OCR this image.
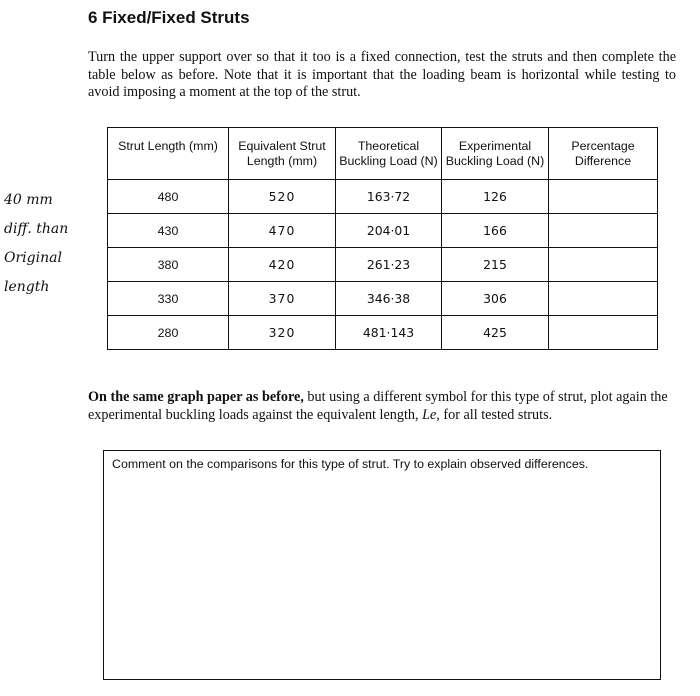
6 Fixed/Fixed Struts
Turn the upper support over so that it too is a fixed connection, test the struts and then complete the table below as before. Note that it is important that the loading beam is horizontal while testing to avoid imposing a moment at the top of the strut.
40 mm
diff. than
Original
length
Strut Length (mm)	Equivalent Strut Length (mm)	Theoretical Buckling Load (N)	Experimental Buckling Load (N)	Percentage Difference
480	520	163·72	126	
430	470	204·01	166	
380	420	261·23	215	
330	370	346·38	306	
280	320	481·143	425	
On the same graph paper as before, but using a different symbol for this type of strut, plot again the experimental buckling loads against the equivalent length, Le, for all tested struts.
Comment on the comparisons for this type of strut. Try to explain observed differences.
